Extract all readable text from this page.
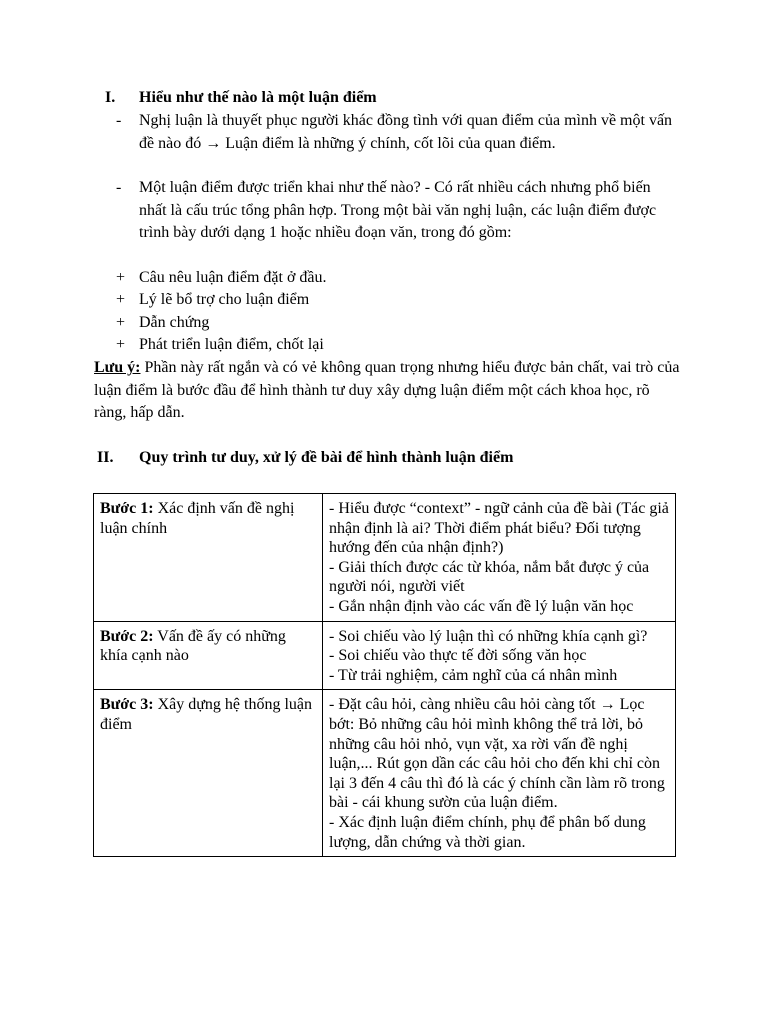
I. Hiểu như thế nào là một luận điểm
- Nghị luận là thuyết phục người khác đồng tình với quan điểm của mình về một vấn đề nào đó → Luận điểm là những ý chính, cốt lõi của quan điểm.
- Một luận điểm được triển khai như thế nào? - Có rất nhiều cách nhưng phổ biến nhất là cấu trúc tổng phân hợp. Trong một bài văn nghị luận, các luận điểm được trình bày dưới dạng 1 hoặc nhiều đoạn văn, trong đó gồm:
+ Câu nêu luận điểm đặt ở đầu.
+ Lý lẽ bổ trợ cho luận điểm
+ Dẫn chứng
+ Phát triển luận điểm, chốt lại
Lưu ý: Phần này rất ngắn và có vẻ không quan trọng nhưng hiểu được bản chất, vai trò của luận điểm là bước đầu để hình thành tư duy xây dựng luận điểm một cách khoa học, rõ ràng, hấp dẫn.
II. Quy trình tư duy, xử lý đề bài để hình thành luận điểm
Bước 1: Xác định vấn đề nghị luận chính	- Hiểu được “context” - ngữ cảnh của đề bài (Tác giả nhận định là ai? Thời điểm phát biểu? Đối tượng hướng đến của nhận định?)
- Giải thích được các từ khóa, nắm bắt được ý của người nói, người viết
- Gắn nhận định vào các vấn đề lý luận văn học

Bước 2: Vấn đề ấy có những khía cạnh nào	- Soi chiếu vào lý luận thì có những khía cạnh gì?
- Soi chiếu vào thực tế đời sống văn học
- Từ trải nghiệm, cảm nghĩ của cá nhân mình

Bước 3: Xây dựng hệ thống luận điểm	- Đặt câu hỏi, càng nhiều câu hỏi càng tốt → Lọc bớt: Bỏ những câu hỏi mình không thể trả lời, bỏ những câu hỏi nhỏ, vụn vặt, xa rời vấn đề nghị luận,... Rút gọn dần các câu hỏi cho đến khi chỉ còn lại 3 đến 4 câu thì đó là các ý chính cần làm rõ trong bài - cái khung sườn của luận điểm.
- Xác định luận điểm chính, phụ để phân bố dung lượng, dẫn chứng và thời gian.
